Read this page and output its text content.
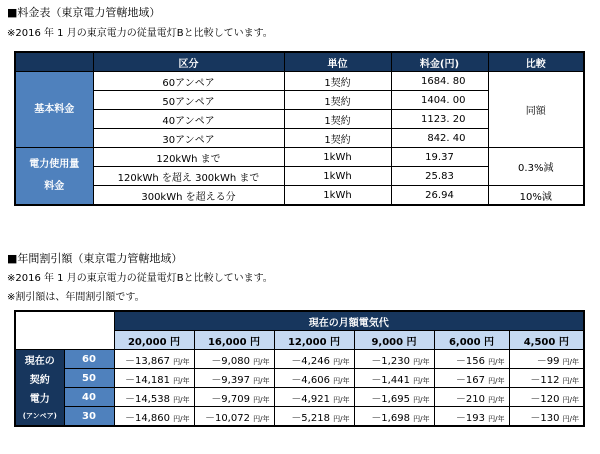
■料金表（東京電力管轄地域）
※2016 年 1 月の東京電力の従量電灯Bと比較しています。
	区分	単位	料金(円)	比較
基本料金	60アンペア	1契約	1684. 80	同額
	50アンペア	1契約	1404. 00	
	40アンペア	1契約	1123. 20	
	30アンペア	1契約	842. 40	
電力使用量
料金	120kWh まで	1kWh	19.37	0.3%減
	120kWh を超え 300kWh まで	1kWh	25.83	
	300kWh を超える分	1kWh	26.94	10%減
■年間割引額（東京電力管轄地域）
※2016 年 1 月の東京電力の従量電灯Bと比較しています。
※割引額は、年間割引額です。
		現在の月額電気代					
		20,000 円	16,000 円	12,000 円	9,000 円	6,000 円	4,500 円
現在の	60	－13,867 円/年	－9,080 円/年	－4,246 円/年	－1,230 円/年	－156 円/年	－99 円/年
契約	50	－14,181 円/年	－9,397 円/年	－4,606 円/年	－1,441 円/年	－167 円/年	－112 円/年
電力	40	－14,538 円/年	－9,709 円/年	－4,921 円/年	－1,695 円/年	－210 円/年	－120 円/年
(アンペア)	30	－14,860 円/年	－10,072 円/年	－5,218 円/年	－1,698 円/年	－193 円/年	－130 円/年
